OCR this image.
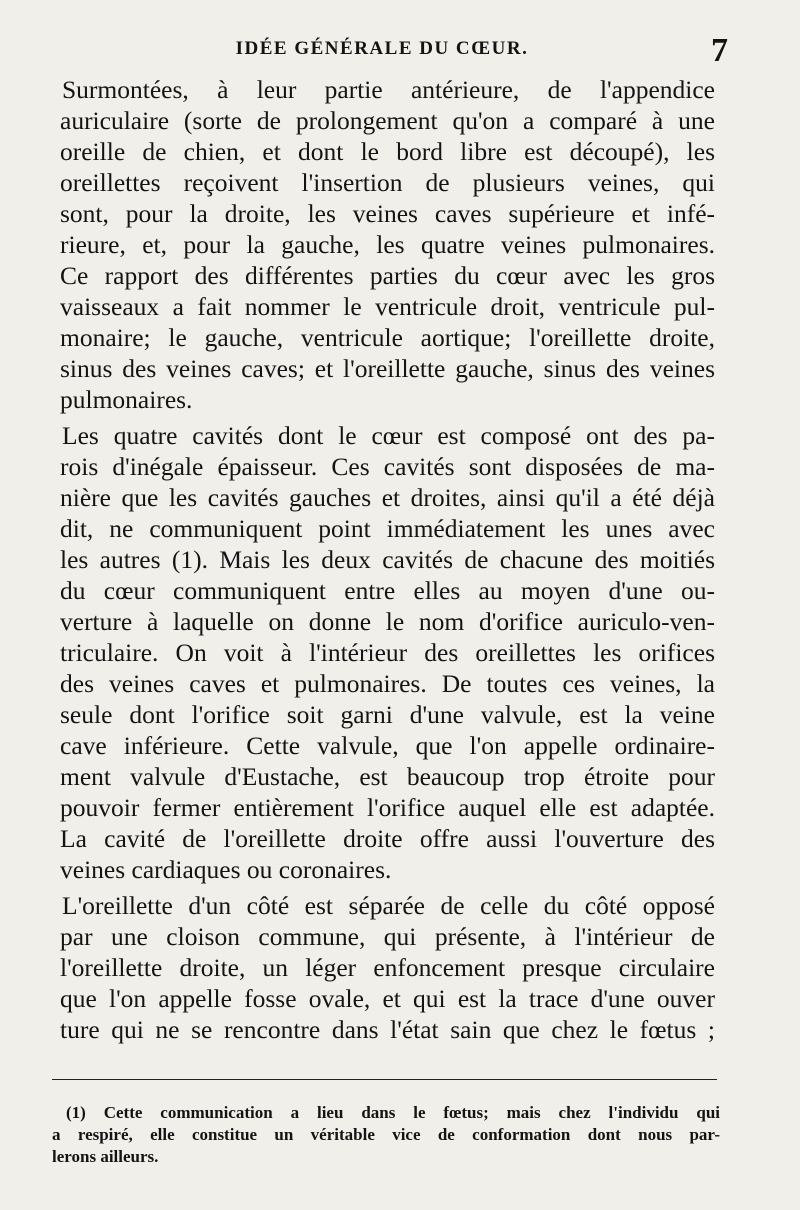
IDÉE GÉNÉRALE DU CŒUR.	7

Surmontées, à leur partie antérieure, de l'appendice
auriculaire (sorte de prolongement qu'on a comparé à une
oreille de chien, et dont le bord libre est découpé), les
oreillettes reçoivent l'insertion de plusieurs veines, qui
sont, pour la droite, les veines caves supérieure et infé-
rieure, et, pour la gauche, les quatre veines pulmonaires.
Ce rapport des différentes parties du cœur avec les gros
vaisseaux a fait nommer le ventricule droit, ventricule pul-
monaire; le gauche, ventricule aortique; l'oreillette droite,
sinus des veines caves; et l'oreillette gauche, sinus des veines
pulmonaires.

Les quatre cavités dont le cœur est composé ont des pa-
rois d'inégale épaisseur. Ces cavités sont disposées de ma-
nière que les cavités gauches et droites, ainsi qu'il a été déjà
dit, ne communiquent point immédiatement les unes avec
les autres (1). Mais les deux cavités de chacune des moitiés
du cœur communiquent entre elles au moyen d'une ou-
verture à laquelle on donne le nom d'orifice auriculo-ven-
triculaire. On voit à l'intérieur des oreillettes les orifices
des veines caves et pulmonaires. De toutes ces veines, la
seule dont l'orifice soit garni d'une valvule, est la veine
cave inférieure. Cette valvule, que l'on appelle ordinaire-
ment valvule d'Eustache, est beaucoup trop étroite pour
pouvoir fermer entièrement l'orifice auquel elle est adaptée.
La cavité de l'oreillette droite offre aussi l'ouverture des
veines cardiaques ou coronaires.

L'oreillette d'un côté est séparée de celle du côté opposé
par une cloison commune, qui présente, à l'intérieur de
l'oreillette droite, un léger enfoncement presque circulaire
que l'on appelle fosse ovale, et qui est la trace d'une ouver
ture qui ne se rencontre dans l'état sain que chez le fœtus ;

(1) Cette communication a lieu dans le fœtus; mais chez l'individu qui
a respiré, elle constitue un véritable vice de conformation dont nous par-
lerons ailleurs.
